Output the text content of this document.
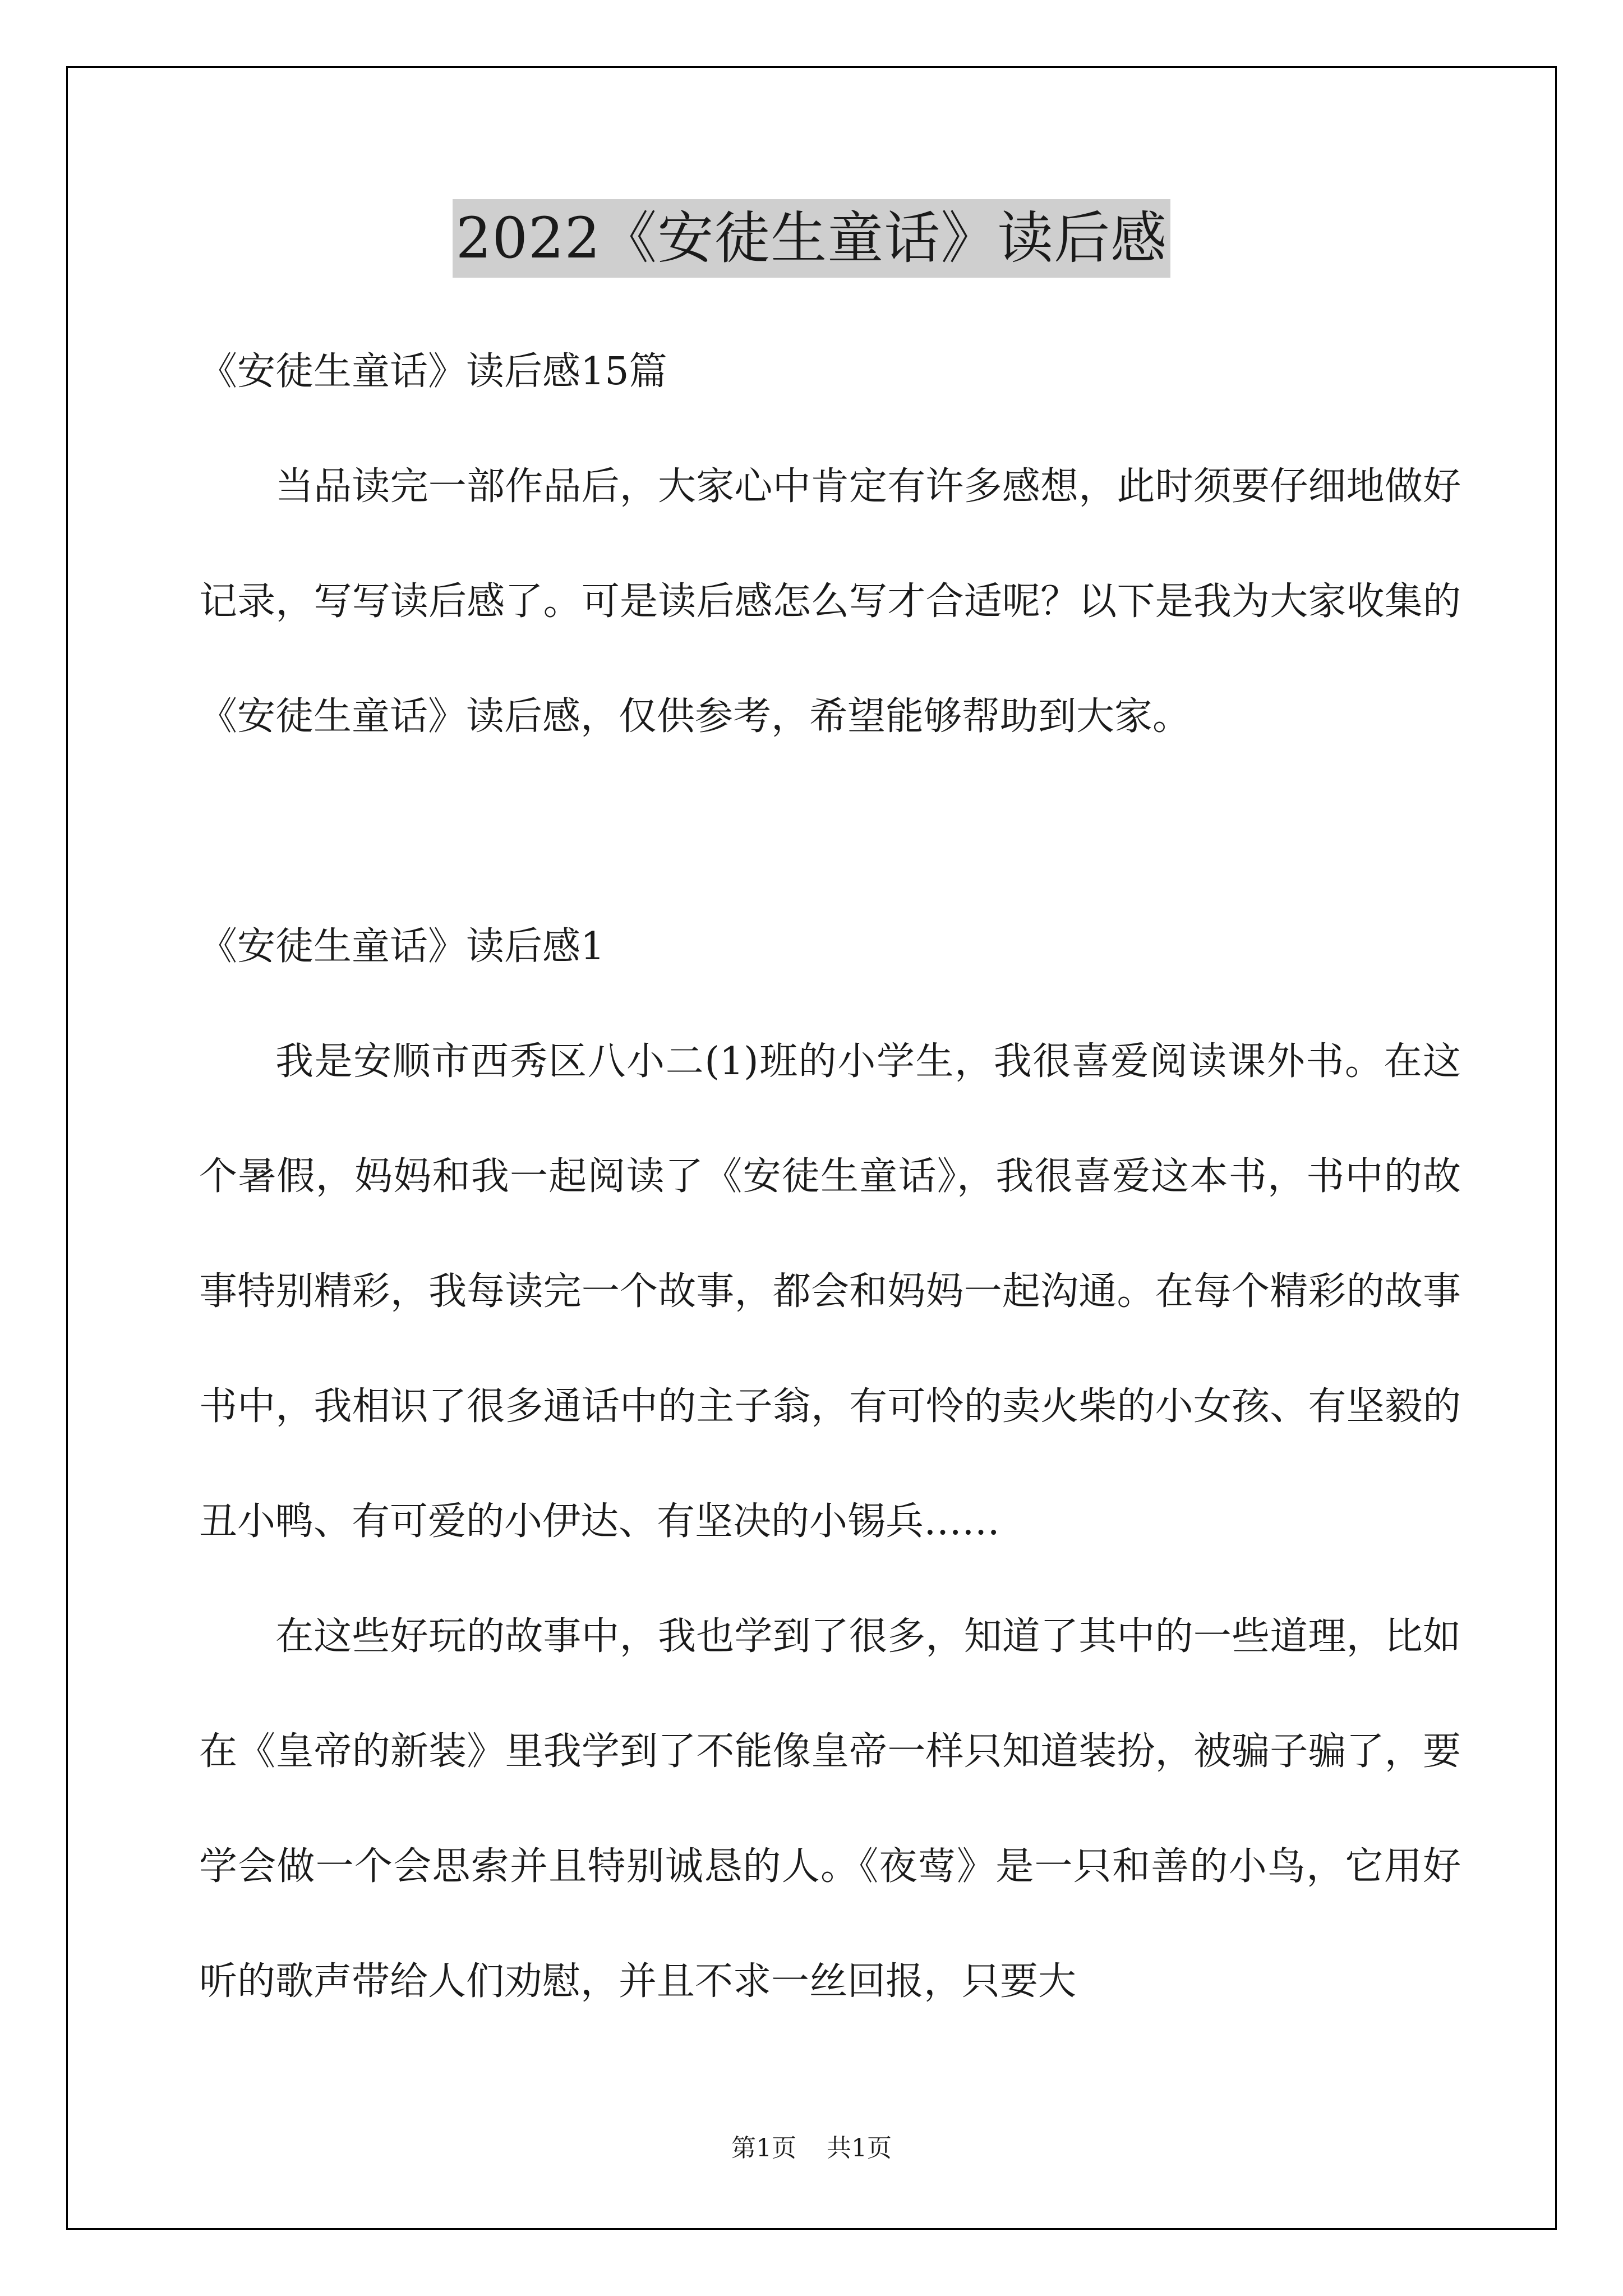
2022《安徒生童话》读后感

《安徒生童话》读后感15篇

当品读完一部作品后，大家心中肯定有许多感想，此时须要仔细地做好记录，写写读后感了。可是读后感怎么写才合适呢？以下是我为大家收集的《安徒生童话》读后感，仅供参考，希望能够帮助到大家。

《安徒生童话》读后感1

我是安顺市西秀区八小二(1)班的小学生，我很喜爱阅读课外书。在这个暑假，妈妈和我一起阅读了《安徒生童话》，我很喜爱这本书，书中的故事特别精彩，我每读完一个故事，都会和妈妈一起沟通。在每个精彩的故事书中，我相识了很多通话中的主子翁，有可怜的卖火柴的小女孩、有坚毅的丑小鸭、有可爱的小伊达、有坚决的小锡兵……

在这些好玩的故事中，我也学到了很多，知道了其中的一些道理，比如在《皇帝的新装》里我学到了不能像皇帝一样只知道装扮，被骗子骗了，要学会做一个会思索并且特别诚恳的人。《夜莺》是一只和善的小鸟，它用好听的歌声带给人们劝慰，并且不求一丝回报，只要大

第1页 共1页
